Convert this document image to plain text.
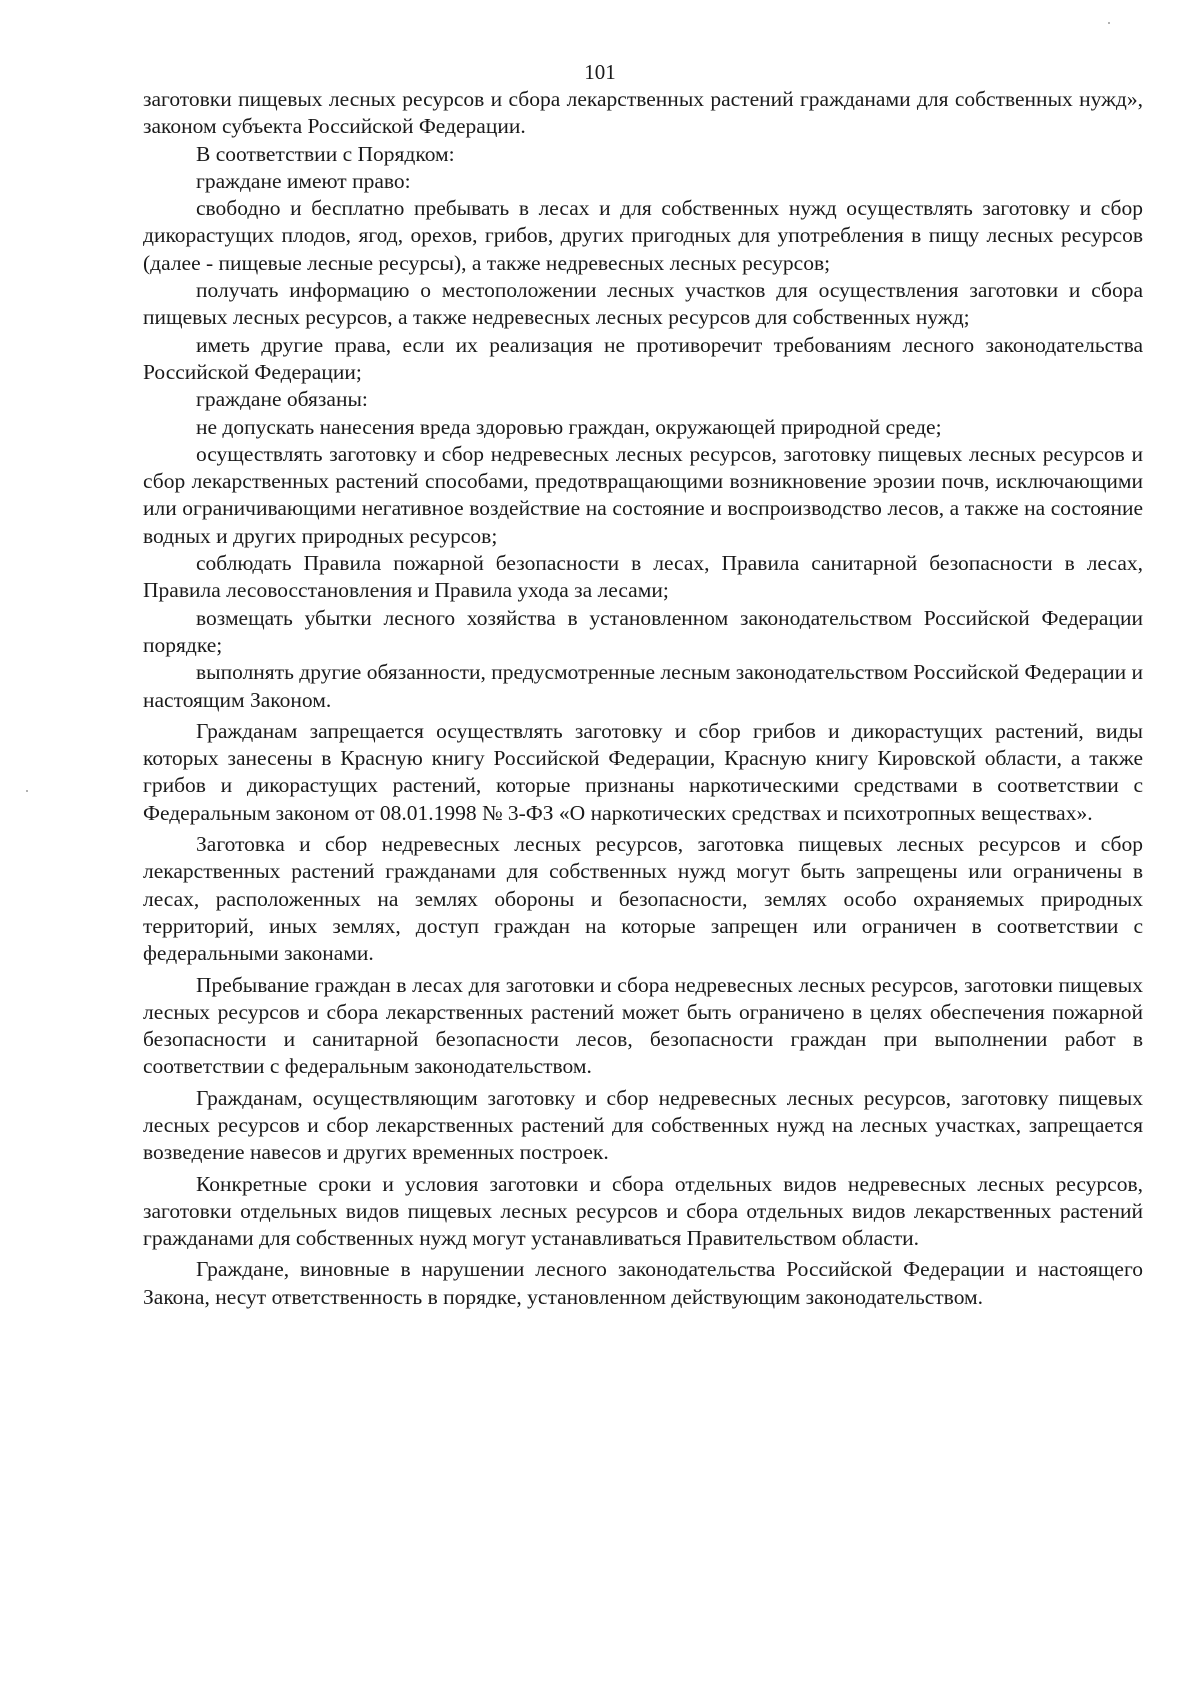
101

заготовки пищевых лесных ресурсов и сбора лекарственных растений гражданами для собственных нужд», законом субъекта Российской Федерации.

В соответствии с Порядком:

граждане имеют право:

свободно и бесплатно пребывать в лесах и для собственных нужд осуществлять заготовку и сбор дикорастущих плодов, ягод, орехов, грибов, других пригодных для употребления в пищу лесных ресурсов (далее - пищевые лесные ресурсы), а также недревесных лесных ресурсов;

получать информацию о местоположении лесных участков для осуществления заготовки и сбора пищевых лесных ресурсов, а также недревесных лесных ресурсов для собственных нужд;

иметь другие права, если их реализация не противоречит требованиям лесного законодательства Российской Федерации;

граждане обязаны:

не допускать нанесения вреда здоровью граждан, окружающей природной среде;

осуществлять заготовку и сбор недревесных лесных ресурсов, заготовку пищевых лесных ресурсов и сбор лекарственных растений способами, предотвращающими возникновение эрозии почв, исключающими или ограничивающими негативное воздействие на состояние и воспроизводство лесов, а также на состояние водных и других природных ресурсов;

соблюдать Правила пожарной безопасности в лесах, Правила санитарной безопасности в лесах, Правила лесовосстановления и Правила ухода за лесами;

возмещать убытки лесного хозяйства в установленном законодательством Российской Федерации порядке;

выполнять другие обязанности, предусмотренные лесным законодательством Российской Федерации и настоящим Законом.

Гражданам запрещается осуществлять заготовку и сбор грибов и дикорастущих растений, виды которых занесены в Красную книгу Российской Федерации, Красную книгу Кировской области, а также грибов и дикорастущих растений, которые признаны наркотическими средствами в соответствии с Федеральным законом от 08.01.1998 № 3-ФЗ «О наркотических средствах и психотропных веществах».

Заготовка и сбор недревесных лесных ресурсов, заготовка пищевых лесных ресурсов и сбор лекарственных растений гражданами для собственных нужд могут быть запрещены или ограничены в лесах, расположенных на землях обороны и безопасности, землях особо охраняемых природных территорий, иных землях, доступ граждан на которые запрещен или ограничен в соответствии с федеральными законами.

Пребывание граждан в лесах для заготовки и сбора недревесных лесных ресурсов, заготовки пищевых лесных ресурсов и сбора лекарственных растений может быть ограничено в целях обеспечения пожарной безопасности и санитарной безопасности лесов, безопасности граждан при выполнении работ в соответствии с федеральным законодательством.

Гражданам, осуществляющим заготовку и сбор недревесных лесных ресурсов, заготовку пищевых лесных ресурсов и сбор лекарственных растений для собственных нужд на лесных участках, запрещается возведение навесов и других временных построек.

Конкретные сроки и условия заготовки и сбора отдельных видов недревесных лесных ресурсов, заготовки отдельных видов пищевых лесных ресурсов и сбора отдельных видов лекарственных растений гражданами для собственных нужд могут устанавливаться Правительством области.

Граждане, виновные в нарушении лесного законодательства Российской Федерации и настоящего Закона, несут ответственность в порядке, установленном действующим законодательством.
